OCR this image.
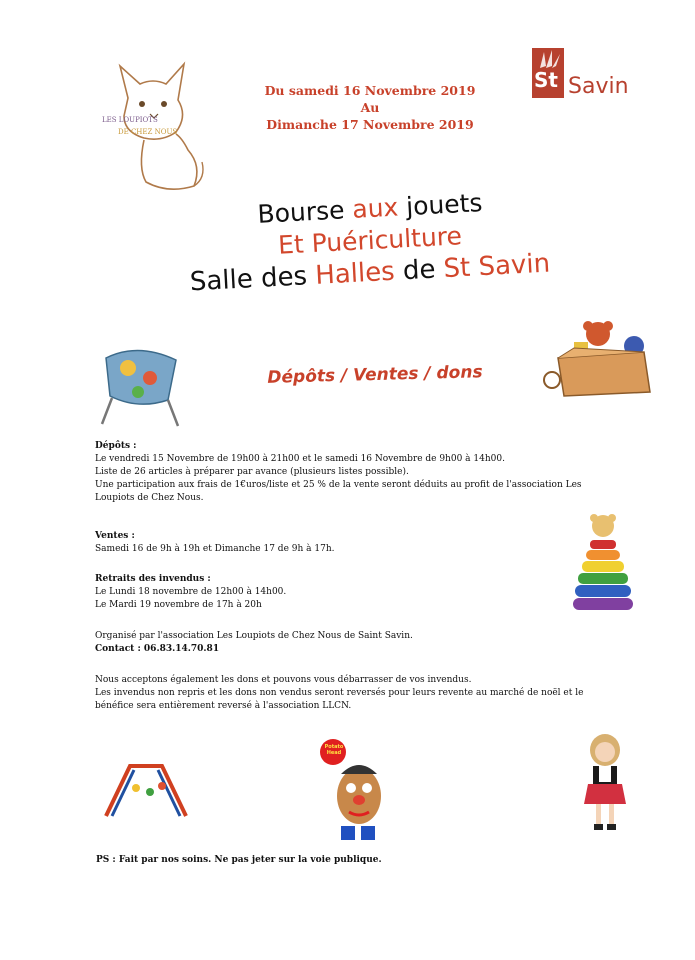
LES LOUPIOTS
DE CHEZ NOUS
Du samedi 16 Novembre 2019
Au
Dimanche 17 Novembre 2019
St Savin
Bourse aux jouets
Et Puériculture
Salle des Halles de St Savin
Dépôts / Ventes / dons
Dépôts :
Le vendredi 15 Novembre de 19h00 à 21h00 et le samedi 16 Novembre de 9h00 à 14h00.
Liste de 26 articles à préparer par avance (plusieurs listes possible).
Une participation aux frais de 1€uros/liste et 25 % de la vente seront déduits au profit de l'association Les
Loupiots de Chez Nous.
Ventes :
Samedi 16 de 9h à 19h et Dimanche 17 de 9h à 17h.
Retraits des invendus :
Le Lundi 18 novembre de 12h00 à 14h00.
Le Mardi 19 novembre de 17h à 20h
Organisé par l'association Les Loupiots de Chez Nous de Saint Savin.
Contact : 06.83.14.70.81
Nous acceptons également les dons et pouvons vous débarrasser de vos invendus.
Les invendus non repris et les dons non vendus seront reversés pour leurs revente au marché de noël et le
bénéfice sera entièrement reversé à l'association LLCN.
Potato Head
PS : Fait par nos soins. Ne pas jeter sur la voie publique.
